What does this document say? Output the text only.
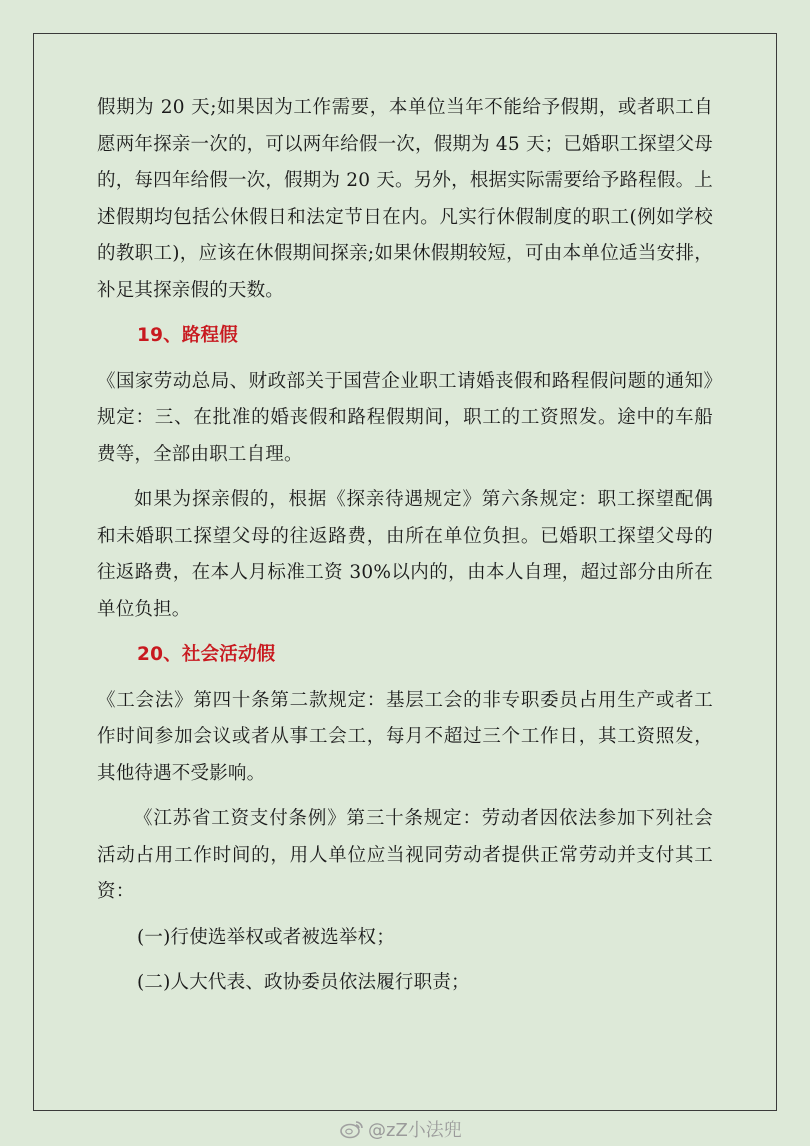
假期为 20 天;如果因为工作需要，本单位当年不能给予假期，或者职工自愿两年探亲一次的，可以两年给假一次，假期为 45 天；已婚职工探望父母的，每四年给假一次，假期为 20 天。另外，根据实际需要给予路程假。上述假期均包括公休假日和法定节日在内。凡实行休假制度的职工(例如学校的教职工)，应该在休假期间探亲;如果休假期较短，可由本单位适当安排，补足其探亲假的天数。

19、路程假

《国家劳动总局、财政部关于国营企业职工请婚丧假和路程假问题的通知》规定：三、在批准的婚丧假和路程假期间，职工的工资照发。途中的车船费等，全部由职工自理。

如果为探亲假的，根据《探亲待遇规定》第六条规定：职工探望配偶和未婚职工探望父母的往返路费，由所在单位负担。已婚职工探望父母的往返路费，在本人月标准工资 30%以内的，由本人自理，超过部分由所在单位负担。

20、社会活动假

《工会法》第四十条第二款规定：基层工会的非专职委员占用生产或者工作时间参加会议或者从事工会工，每月不超过三个工作日，其工资照发，其他待遇不受影响。

《江苏省工资支付条例》第三十条规定：劳动者因依法参加下列社会活动占用工作时间的，用人单位应当视同劳动者提供正常劳动并支付其工资：

(一)行使选举权或者被选举权；

(二)人大代表、政协委员依法履行职责；

@zZ小法兜
